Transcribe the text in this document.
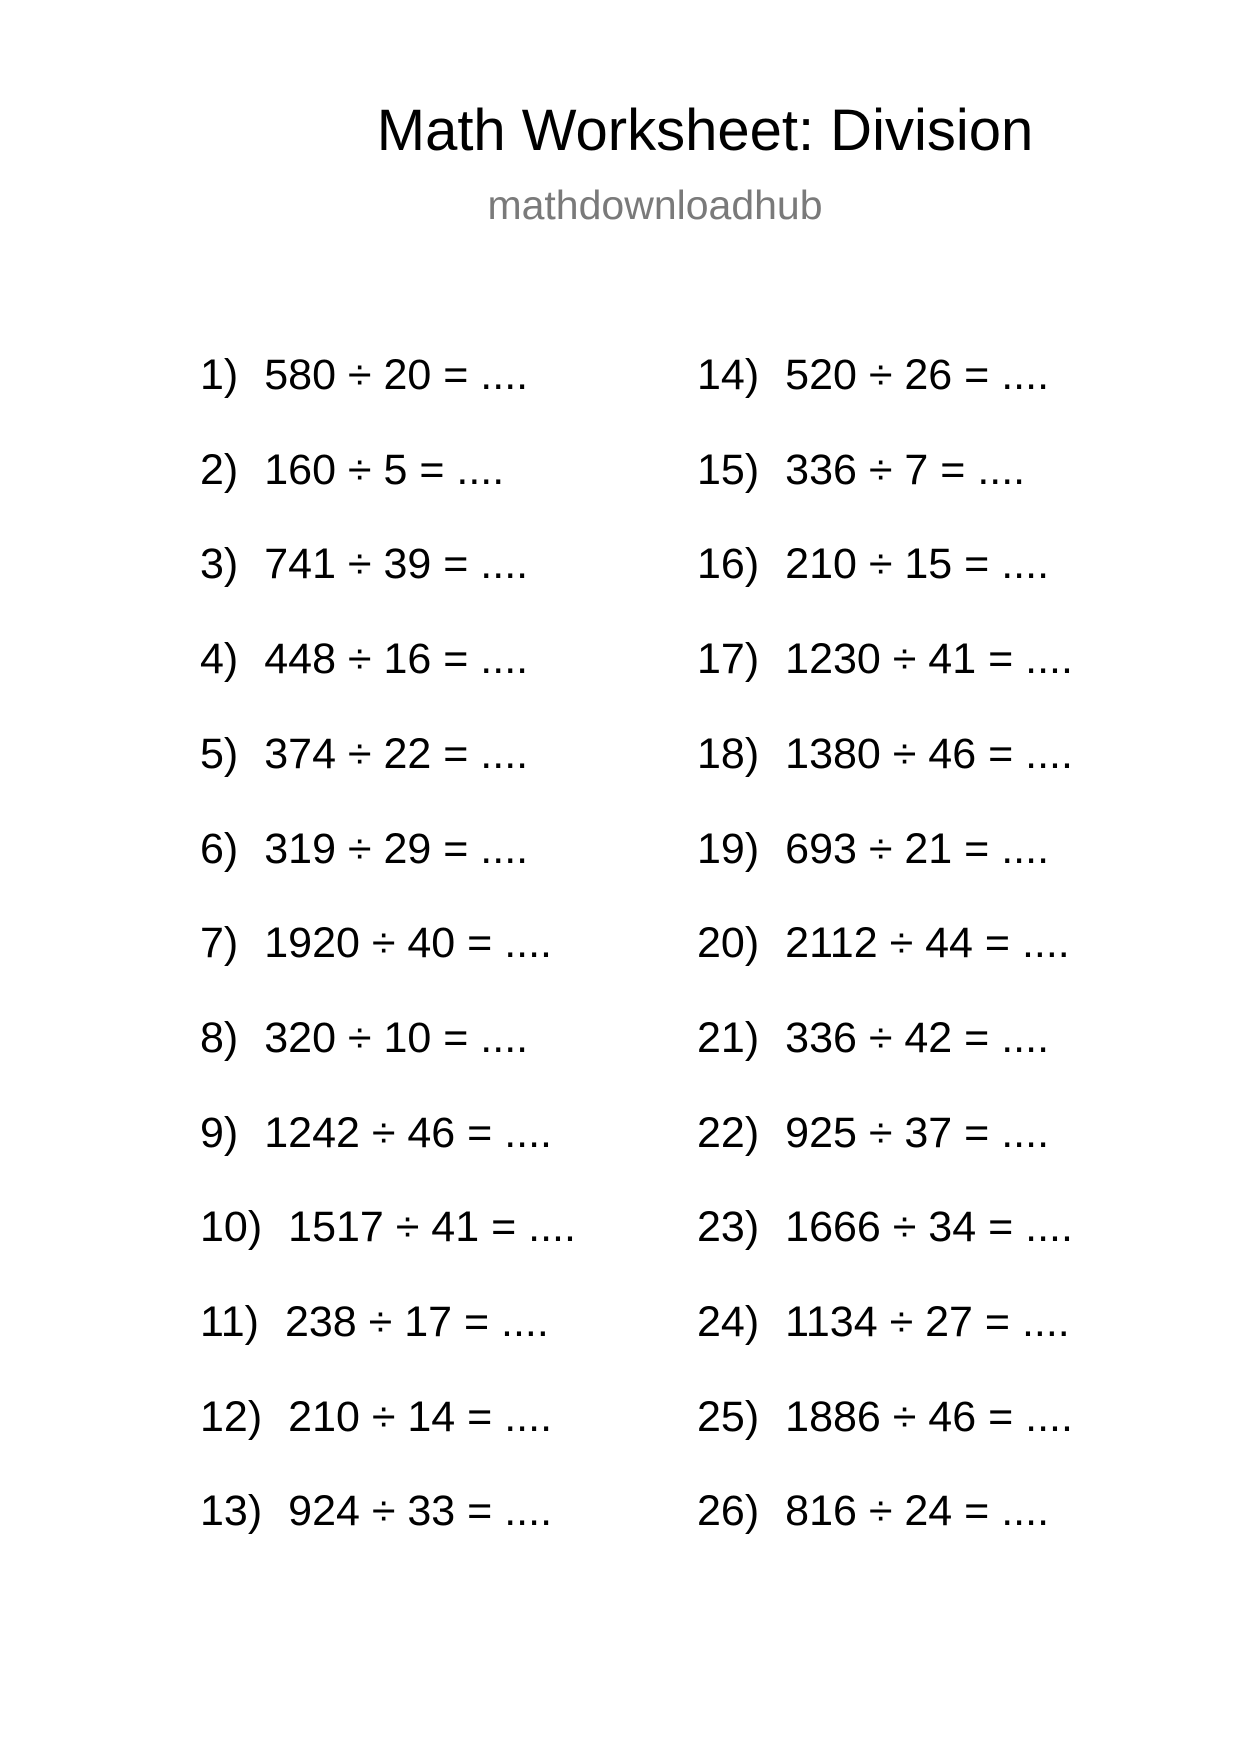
Math Worksheet: Division
mathdownloadhub
1) 580 ÷ 20 = ....
2) 160 ÷ 5 = ....
3) 741 ÷ 39 = ....
4) 448 ÷ 16 = ....
5) 374 ÷ 22 = ....
6) 319 ÷ 29 = ....
7) 1920 ÷ 40 = ....
8) 320 ÷ 10 = ....
9) 1242 ÷ 46 = ....
10) 1517 ÷ 41 = ....
11) 238 ÷ 17 = ....
12) 210 ÷ 14 = ....
13) 924 ÷ 33 = ....
14) 520 ÷ 26 = ....
15) 336 ÷ 7 = ....
16) 210 ÷ 15 = ....
17) 1230 ÷ 41 = ....
18) 1380 ÷ 46 = ....
19) 693 ÷ 21 = ....
20) 2112 ÷ 44 = ....
21) 336 ÷ 42 = ....
22) 925 ÷ 37 = ....
23) 1666 ÷ 34 = ....
24) 1134 ÷ 27 = ....
25) 1886 ÷ 46 = ....
26) 816 ÷ 24 = ....
